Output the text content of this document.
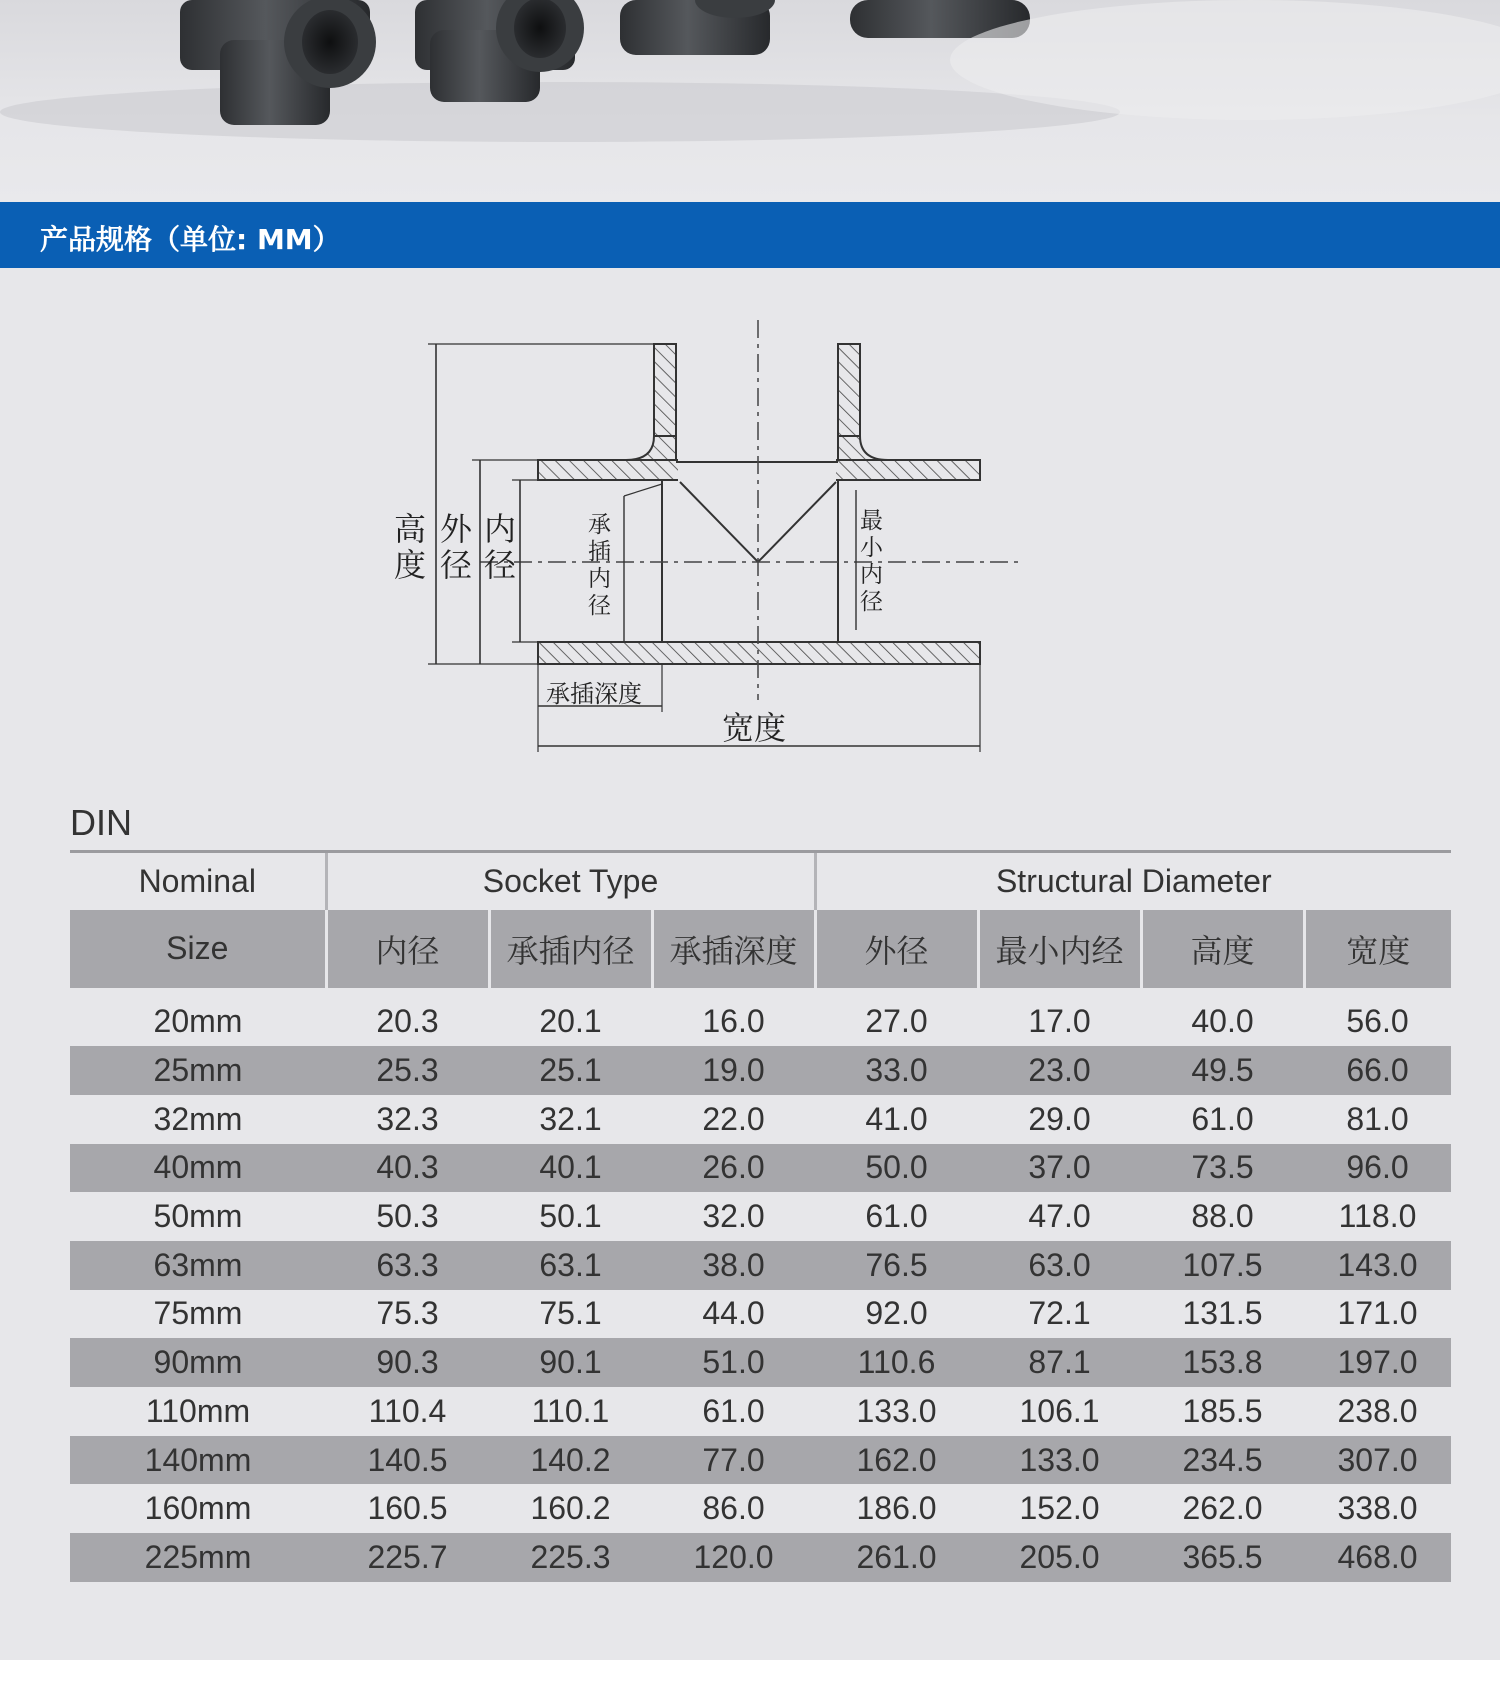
产品规格（单位: MM）
高
度
外
径
内
径
承
插
内
径
最
小
内
径
承插深度
宽度
DIN
Nominal	Socket Type			Structural Diameter			
Size	内径	承插内径	承插深度	外径	最小内经	高度	宽度

20mm	20.3	20.1	16.0	27.0	17.0	40.0	56.0
25mm	25.3	25.1	19.0	33.0	23.0	49.5	66.0
32mm	32.3	32.1	22.0	41.0	29.0	61.0	81.0
40mm	40.3	40.1	26.0	50.0	37.0	73.5	96.0
50mm	50.3	50.1	32.0	61.0	47.0	88.0	118.0
63mm	63.3	63.1	38.0	76.5	63.0	107.5	143.0
75mm	75.3	75.1	44.0	92.0	72.1	131.5	171.0
90mm	90.3	90.1	51.0	110.6	87.1	153.8	197.0
110mm	110.4	110.1	61.0	133.0	106.1	185.5	238.0
140mm	140.5	140.2	77.0	162.0	133.0	234.5	307.0
160mm	160.5	160.2	86.0	186.0	152.0	262.0	338.0
225mm	225.7	225.3	120.0	261.0	205.0	365.5	468.0
